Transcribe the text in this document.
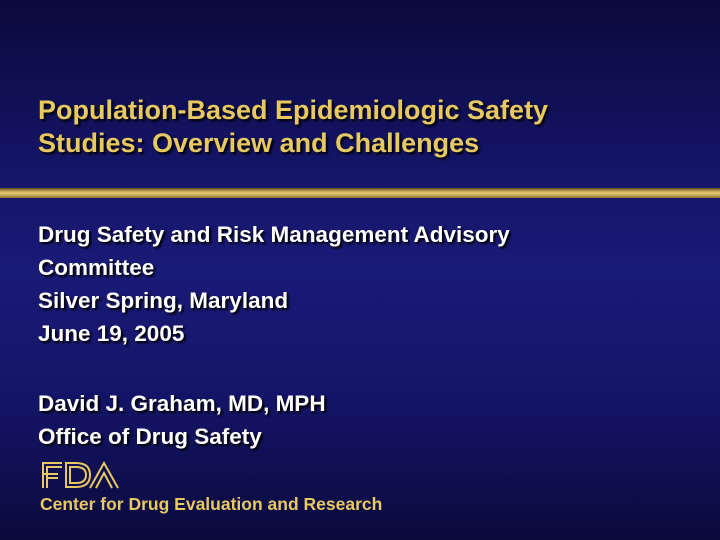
Population-Based Epidemiologic Safety
Studies: Overview and Challenges
Drug Safety and Risk Management Advisory
Committee
Silver Spring, Maryland
June 19, 2005
David J. Graham, MD, MPH
Office of Drug Safety
Center for Drug Evaluation and Research
